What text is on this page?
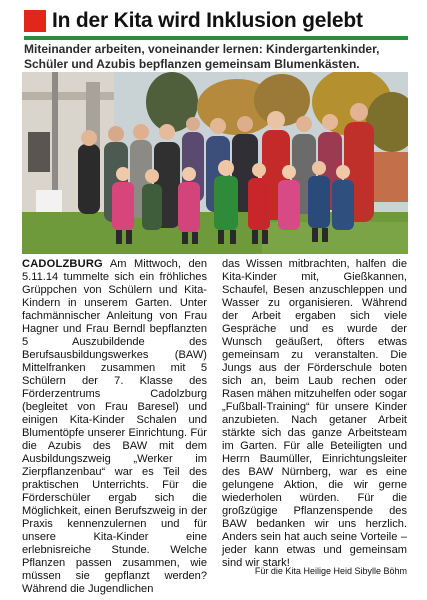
In der Kita wird Inklusion gelebt
Miteinander arbeiten, voneinander lernen: Kindergartenkinder, Schüler und Azubis bepflanzen gemeinsam Blumenkästen.
CADOLZBURG Am Mittwoch, den 5.11.14 tummelte sich ein fröhliches Grüppchen von Schülern und Kita-Kindern in unserem Garten. Unter fachmännischer Anleitung von Frau Hagner und Frau Berndl bepflanzten 5 Auszubildende des Berufsausbildungswerkes (BAW) Mittelfranken zusammen mit 5 Schülern der 7. Klasse des Förderzentrums Cadolzburg (begleitet von Frau Baresel) und einigen Kita-Kinder Schalen und Blumentöpfe unserer Einrichtung. Für die Azubis des BAW mit dem Ausbildungszweig „Werker im Zierpflanzenbau“ war es Teil des praktischen Unterrichts. Für die Förderschüler ergab sich die Möglichkeit, einen Berufszweig in der Praxis kennenzulernen und für unsere Kita-Kinder eine erlebnisreiche Stunde. Welche Pflanzen passen zusammen, wie müssen sie gepflanzt werden? Während die Jugendlichen
das Wissen mitbrachten, halfen die Kita-Kinder mit, Gießkannen, Schaufel, Besen anzuschleppen und Wasser zu organisieren. Während der Arbeit ergaben sich viele Gespräche und es wurde der Wunsch geäußert, öfters etwas gemeinsam zu veranstalten. Die Jungs aus der Förderschule boten sich an, beim Laub rechen oder Rasen mähen mitzuhelfen oder sogar „Fußball-Training“ für unsere Kinder anzubieten. Nach getaner Arbeit stärkte sich das ganze Arbeitsteam im Garten. Für alle Beteiligten und Herrn Baumüller, Einrichtungsleiter des BAW Nürnberg, war es eine gelungene Aktion, die wir gerne wiederholen würden. Für die großzügige Pflanzenspende des BAW bedanken wir uns herzlich. Anders sein hat auch seine Vorteile – jeder kann etwas und gemeinsam sind wir stark!
Für die Kita Heilige Heid Sibylle Böhm
